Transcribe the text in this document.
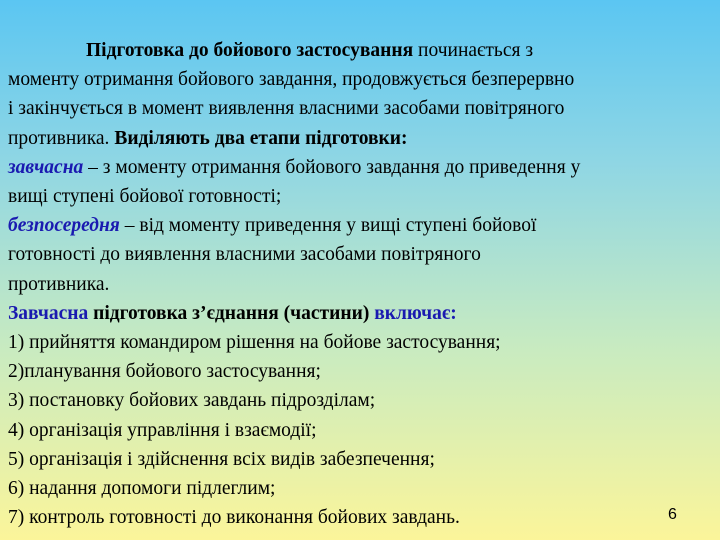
Підготовка до бойового застосування починається з
моменту отримання бойового завдання, продовжується безперервно
і закінчується в момент виявлення власними засобами повітряного
противника. Виділяють два етапи підготовки:
завчасна – з моменту отримання бойового завдання до приведення у
вищі ступені бойової готовності;
безпосередня – від моменту приведення у вищі ступені бойової
готовності до виявлення власними засобами повітряного
противника.
Завчасна підготовка з’єднання (частини) включає:
1) прийняття командиром рішення на бойове застосування;
2)планування бойового застосування;
3) постановку бойових завдань підрозділам;
4) організація управління і взаємодії;
5) організація і здійснення всіх видів забезпечення;
6) надання допомоги підлеглим;
7) контроль готовності до виконання бойових завдань.	6
